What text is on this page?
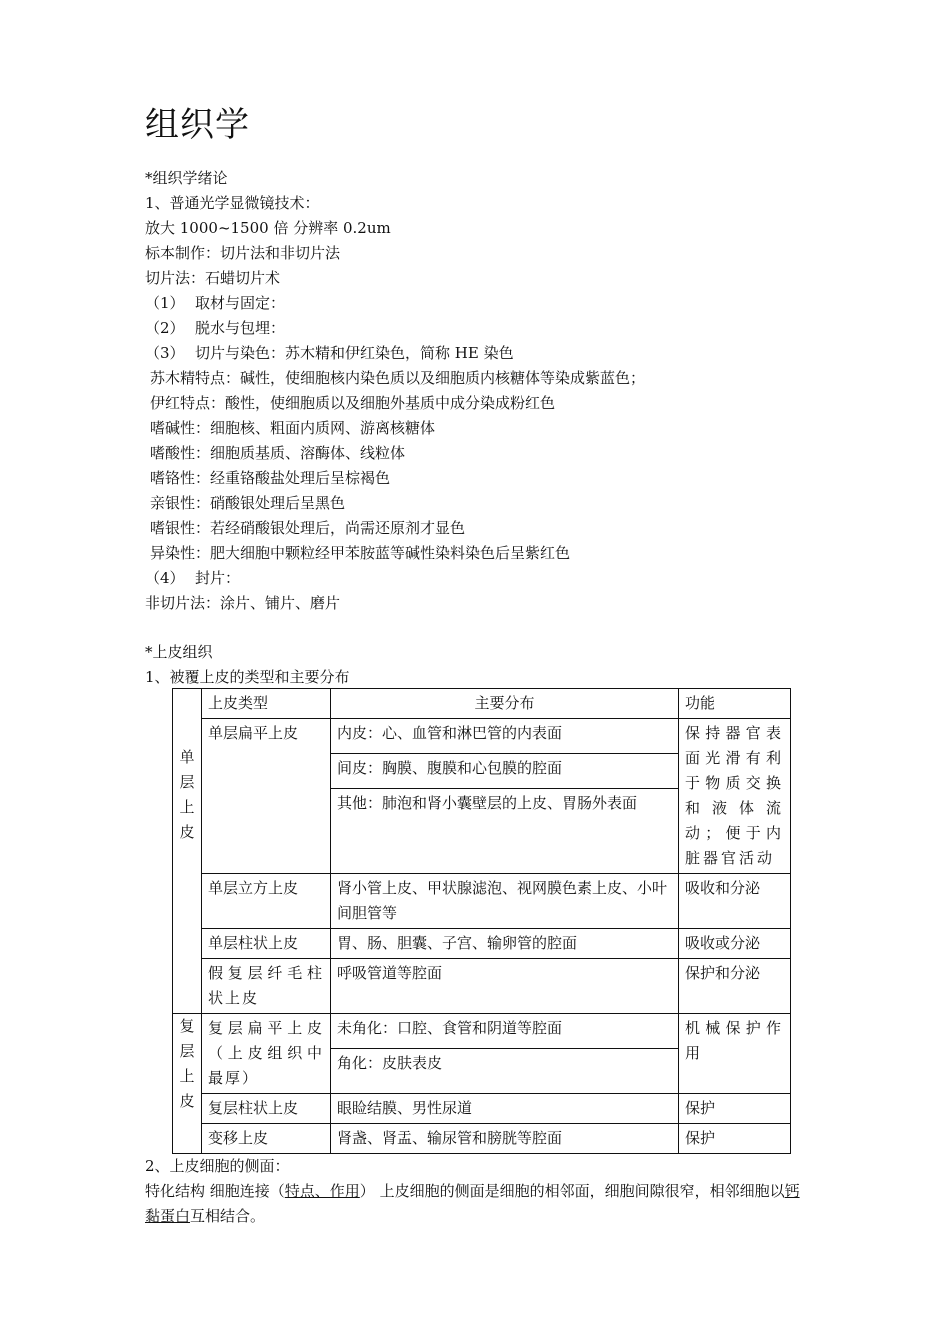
组织学
*组织学绪论
1、普通光学显微镜技术：
放大 1000~1500 倍 分辨率 0.2um
标本制作：切片法和非切片法
切片法：石蜡切片术
（1） 取材与固定：
（2） 脱水与包埋：
（3） 切片与染色：苏木精和伊红染色，简称 HE 染色
苏木精特点：碱性，使细胞核内染色质以及细胞质内核糖体等染成紫蓝色；
伊红特点：酸性，使细胞质以及细胞外基质中成分染成粉红色
嗜碱性：细胞核、粗面内质网、游离核糖体
嗜酸性：细胞质基质、溶酶体、线粒体
嗜铬性：经重铬酸盐处理后呈棕褐色
亲银性：硝酸银处理后呈黑色
嗜银性：若经硝酸银处理后，尚需还原剂才显色
异染性：肥大细胞中颗粒经甲苯胺蓝等碱性染料染色后呈紫红色
（4） 封片：
非切片法：涂片、铺片、磨片
*上皮组织
1、被覆上皮的类型和主要分布
	上皮类型	主要分布	功能

单
层
上
皮	单层扁平上皮	内皮：心、血管和淋巴管的内表面	保持器官表面光滑有利于物质交换和液体流动；便于内脏器官活动
		间皮：胸膜、腹膜和心包膜的腔面	
		其他：肺泡和肾小囊壁层的上皮、胃肠外表面	
	单层立方上皮	肾小管上皮、甲状腺滤泡、视网膜色素上皮、小叶间胆管等	吸收和分泌
	单层柱状上皮	胃、肠、胆囊、子宫、输卵管的腔面	吸收或分泌
	假复层纤毛柱状上皮	呼吸管道等腔面	保护和分泌

复
层
上
皮	复层扁平上皮（上皮组织中最厚）	未角化：口腔、食管和阴道等腔面	机械保护作用
		角化：皮肤表皮	
	复层柱状上皮	眼睑结膜、男性尿道	保护
	变移上皮	肾盏、肾盂、输尿管和膀胱等腔面	保护
2、上皮细胞的侧面：
特化结构 细胞连接（特点、作用） 上皮细胞的侧面是细胞的相邻面，细胞间隙很窄，相邻细胞以钙黏蛋白互相结合。
